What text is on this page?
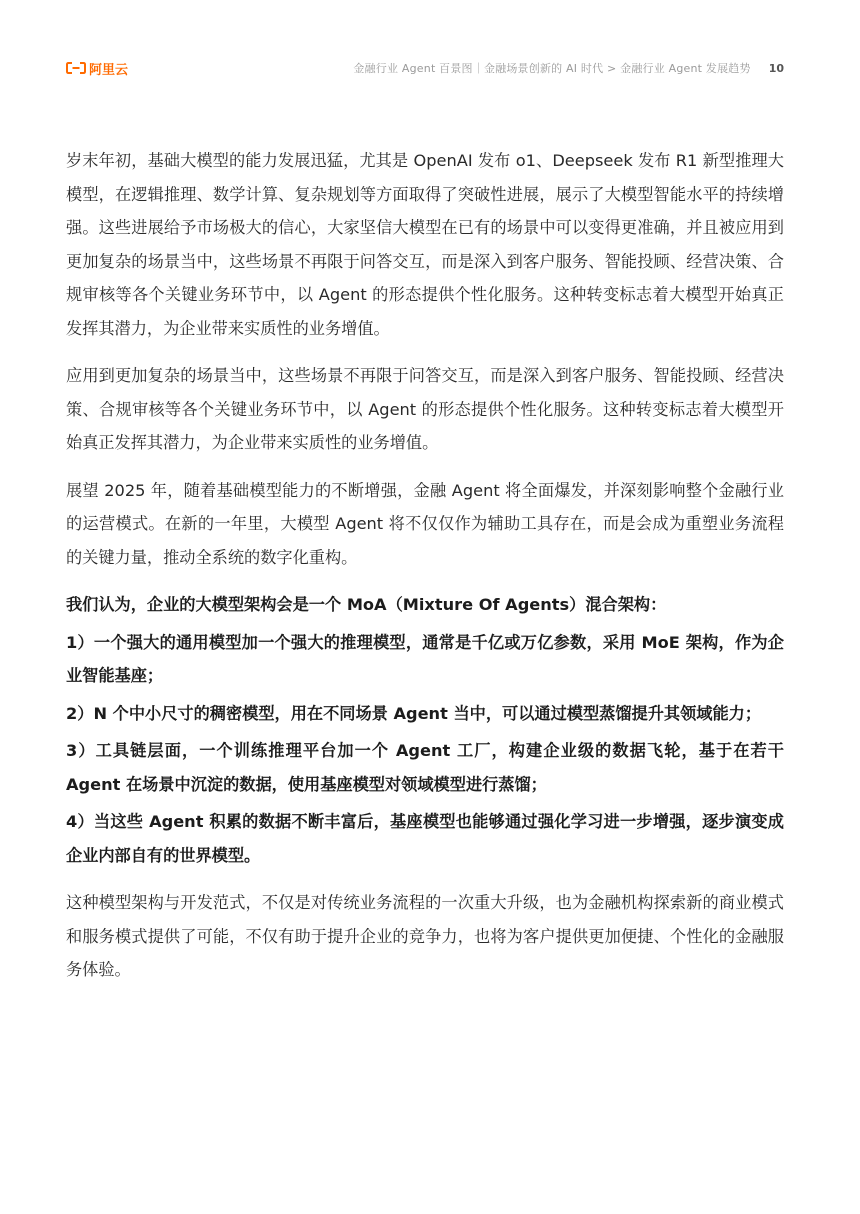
阿里云	金融行业 Agent 百景图｜金融场景创新的 AI 时代 > 金融行业 Agent 发展趋势 10

岁末年初，基础大模型的能力发展迅猛，尤其是 OpenAI 发布 o1、Deepseek 发布 R1 新型推理大模型，在逻辑推理、数学计算、复杂规划等方面取得了突破性进展，展示了大模型智能水平的持续增强。这些进展给予市场极大的信心，大家坚信大模型在已有的场景中可以变得更准确，并且被应用到更加复杂的场景当中，这些场景不再限于问答交互，而是深入到客户服务、智能投顾、经营决策、合规审核等各个关键业务环节中，以 Agent 的形态提供个性化服务。这种转变标志着大模型开始真正发挥其潜力，为企业带来实质性的业务增值。

应用到更加复杂的场景当中，这些场景不再限于问答交互，而是深入到客户服务、智能投顾、经营决策、合规审核等各个关键业务环节中，以 Agent 的形态提供个性化服务。这种转变标志着大模型开始真正发挥其潜力，为企业带来实质性的业务增值。

展望 2025 年，随着基础模型能力的不断增强，金融 Agent 将全面爆发，并深刻影响整个金融行业的运营模式。在新的一年里，大模型 Agent 将不仅仅作为辅助工具存在，而是会成为重塑业务流程的关键力量，推动全系统的数字化重构。

我们认为，企业的大模型架构会是一个 MoA（Mixture Of Agents）混合架构：

1）一个强大的通用模型加一个强大的推理模型，通常是千亿或万亿参数，采用 MoE 架构，作为企业智能基座；

2）N 个中小尺寸的稠密模型，用在不同场景 Agent 当中，可以通过模型蒸馏提升其领域能力；

3）工具链层面，一个训练推理平台加一个 Agent 工厂，构建企业级的数据飞轮，基于在若干 Agent 在场景中沉淀的数据，使用基座模型对领域模型进行蒸馏；

4）当这些 Agent 积累的数据不断丰富后，基座模型也能够通过强化学习进一步增强，逐步演变成企业内部自有的世界模型。

这种模型架构与开发范式，不仅是对传统业务流程的一次重大升级，也为金融机构探索新的商业模式和服务模式提供了可能，不仅有助于提升企业的竞争力，也将为客户提供更加便捷、个性化的金融服务体验。
